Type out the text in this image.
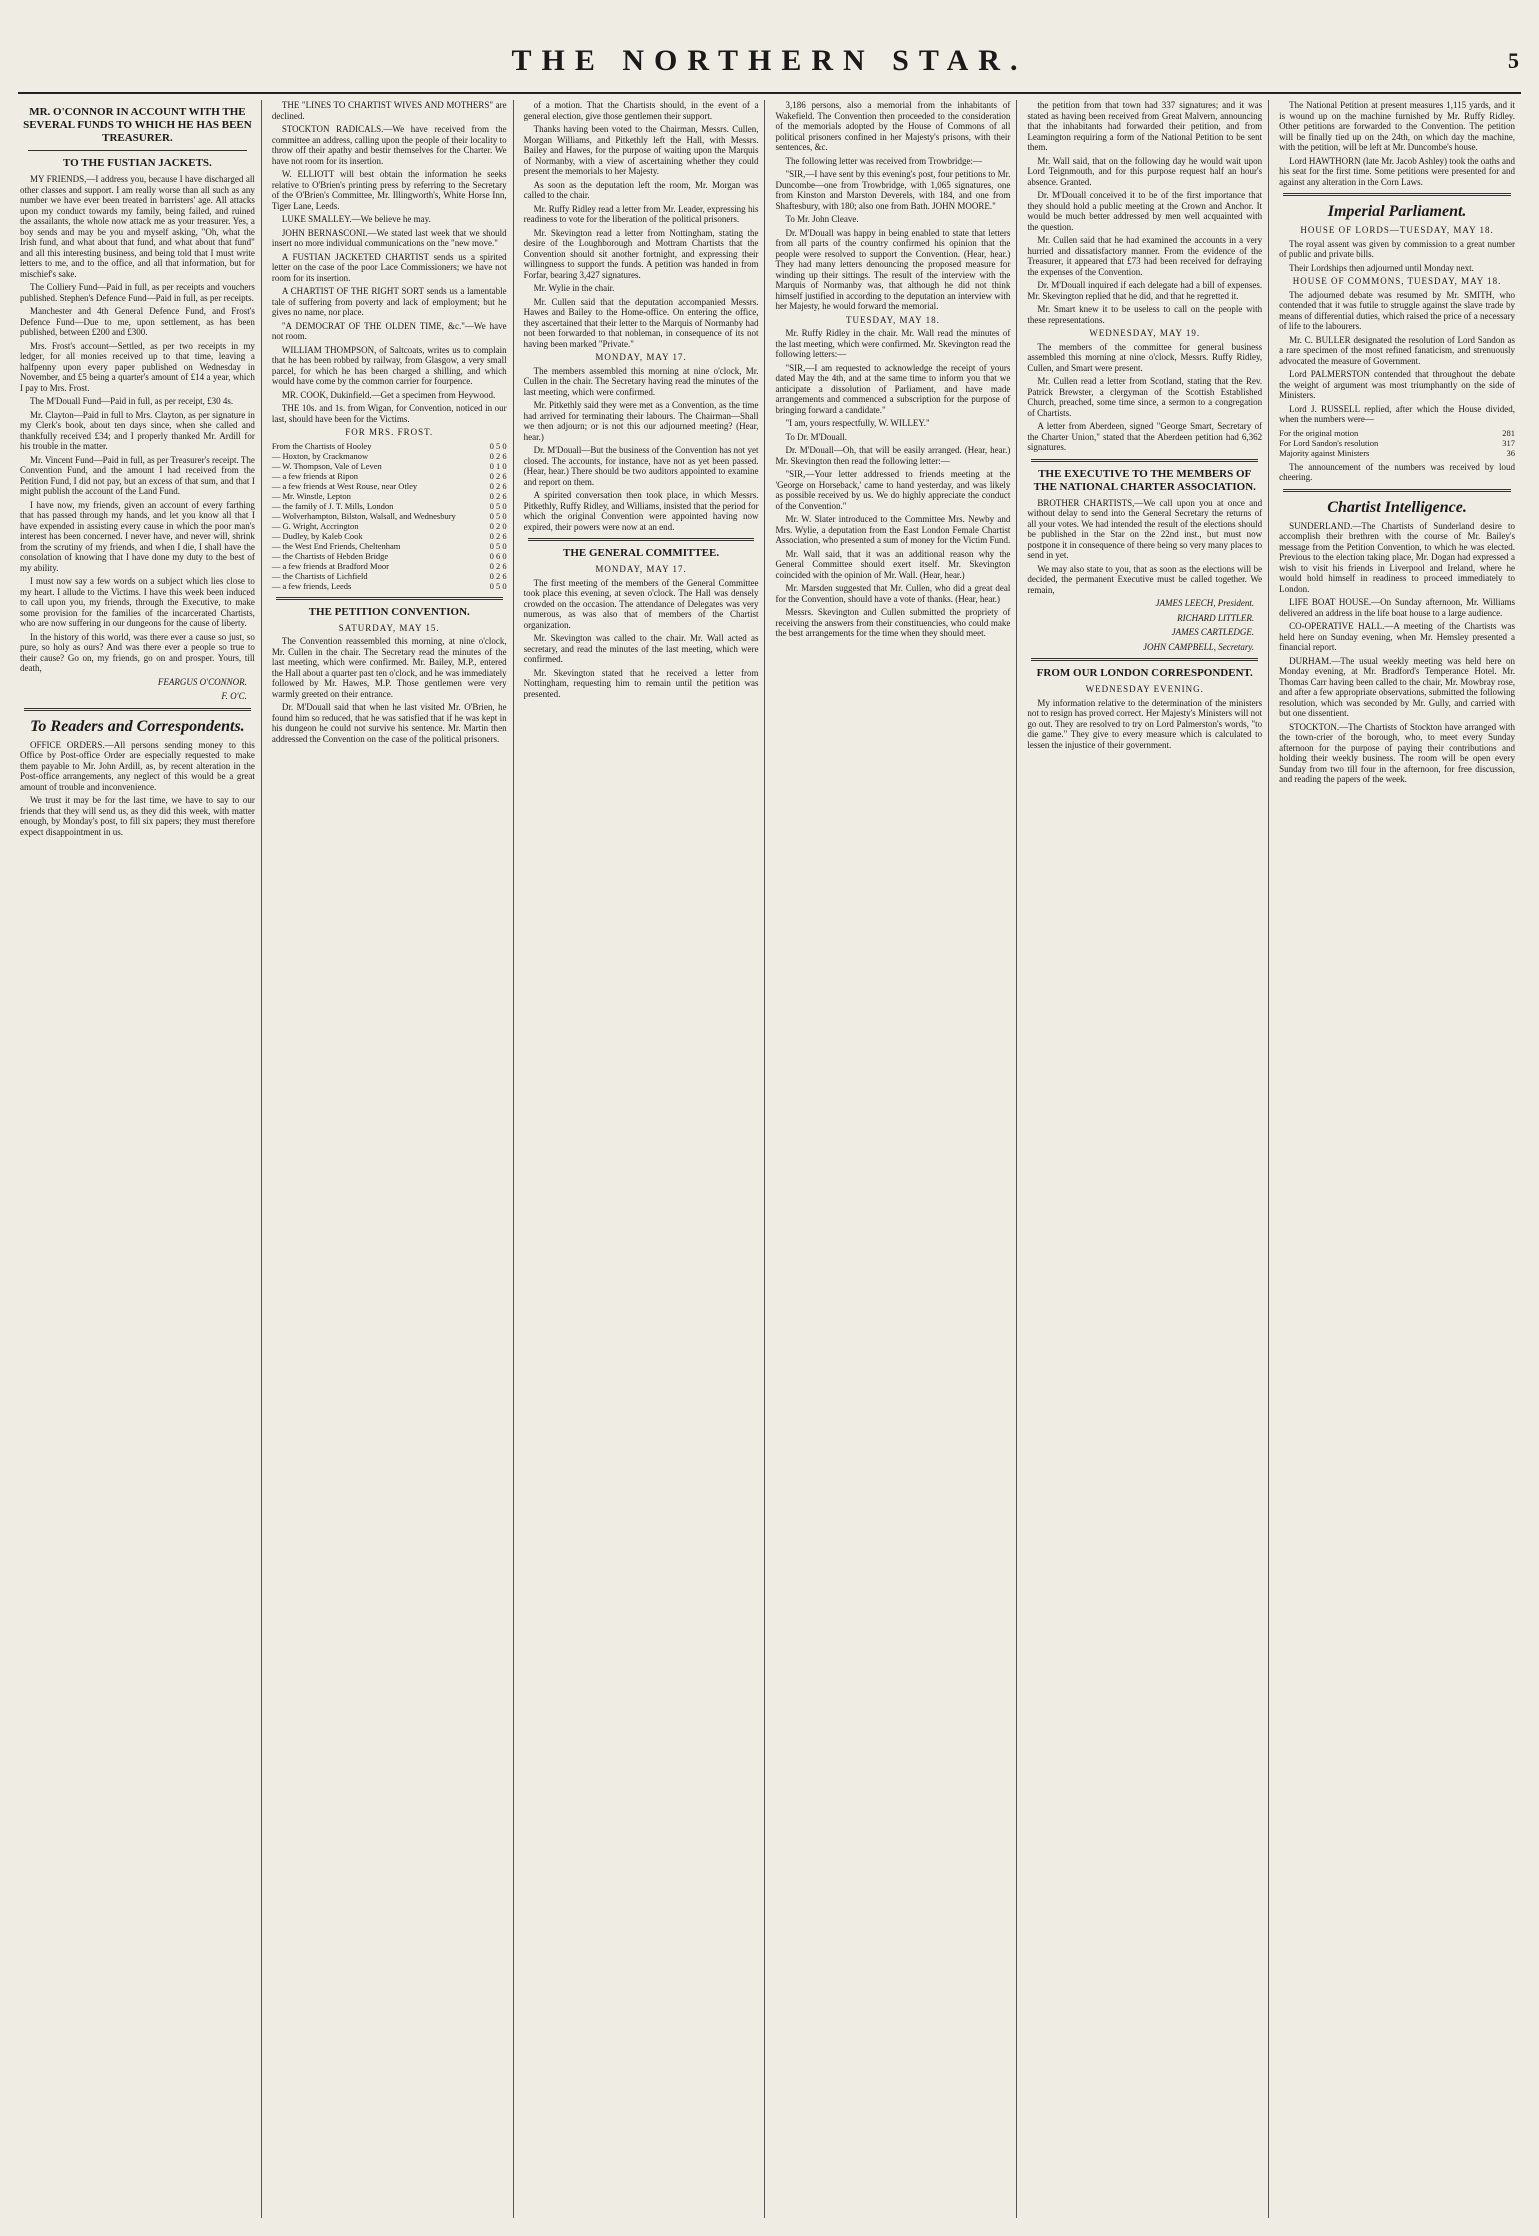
THE NORTHERN STAR.	5
MR. O'CONNOR IN ACCOUNT WITH THE SEVERAL FUNDS TO WHICH HE HAS BEEN TREASURER.
TO THE FUSTIAN JACKETS.

MY FRIENDS,—I address you, because I have discharged all other classes and support. I am really worse than all such as any number we have ever been treated in barristers' age. All attacks upon my conduct towards my family, being failed, and ruined the assailants, the whole now attack me as your treasurer. Yes, a boy sends and may be you and myself asking, "Oh, what the Irish fund, and what about that fund, and what about that fund" and all this interesting business, and being told that I must write letters to me, and to the office, and all that information, but for mischief's sake.

The Colliery Fund—Paid in full, as per receipts and vouchers published. Stephen's Defence Fund—Paid in full, as per receipts.

Manchester and 4th General Defence Fund, and Frost's Defence Fund—Due to me, upon settlement, as has been published, between £200 and £300.

Mrs. Frost's account—Settled, as per two receipts in my ledger, for all monies received up to that time, leaving a halfpenny upon every paper published on Wednesday in November, and £5 being a quarter's amount of £14 a year, which I pay to Mrs. Frost.

The M'Douall Fund—Paid in full, as per receipt, £30 4s.

Mr. Clayton—Paid in full to Mrs. Clayton, as per signature in my Clerk's book, about ten days since, when she called and thankfully received £34; and I properly thanked Mr. Ardill for his trouble in the matter.

Mr. Vincent Fund—Paid in full, as per Treasurer's receipt. The Convention Fund, and the amount I had received from the Petition Fund, I did not pay, but an excess of that sum, and that I might publish the account of the Land Fund.

I have now, my friends, given an account of every farthing that has passed through my hands, and let you know all that I have expended in assisting every cause in which the poor man's interest has been concerned. I never have, and never will, shrink from the scrutiny of my friends, and when I die, I shall have the consolation of knowing that I have done my duty to the best of my ability.

I must now say a few words on a subject which lies close to my heart. I allude to the Victims. I have this week been induced to call upon you, my friends, through the Executive, to make some provision for the families of the incarcerated Chartists, who are now suffering in our dungeons for the cause of liberty.

In the history of this world, was there ever a cause so just, so pure, so holy as ours? And was there ever a people so true to their cause? Go on, my friends, go on and prosper. Yours, till death,

FEARGUS O'CONNOR.
F. O'C.
To Readers and Correspondents.

OFFICE ORDERS.—All persons sending money to this Office by Post-office Order are especially requested to make them payable to Mr. John Ardill, as, by recent alteration in the Post-office arrangements, any neglect of this would be a great amount of trouble and inconvenience.

We trust it may be for the last time, we have to say to our friends that they will send us, as they did this week, with matter enough, by Monday's post, to fill six papers; they must therefore expect disappointment in us.

THE "LINES TO CHARTIST WIVES AND MOTHERS" are declined.

STOCKTON RADICALS.—We have received from the committee an address, calling upon the people of their locality to throw off their apathy and bestir themselves for the Charter. We have not room for its insertion.

W. ELLIOTT will best obtain the information he seeks relative to O'Brien's printing press by referring to the Secretary of the O'Brien's Committee, Mr. Illingworth's, White Horse Inn, Tiger Lane, Leeds.

LUKE SMALLEY.—We believe he may.

JOHN BERNASCONI.—We stated last week that we should insert no more individual communications on the "new move."

A FUSTIAN JACKETED CHARTIST sends us a spirited letter on the case of the poor Lace Commissioners; we have not room for its insertion.

A CHARTIST OF THE RIGHT SORT sends us a lamentable tale of suffering from poverty and lack of employment; but he gives no name, nor place.

"A DEMOCRAT OF THE OLDEN TIME, &c."—We have not room.

WILLIAM THOMPSON, of Saltcoats, writes us to complain that he has been robbed by railway, from Glasgow, a very small parcel, for which he has been charged a shilling, and which would have come by the common carrier for fourpence.

MR. COOK, Dukinfield.—Get a specimen from Heywood.

THE 10s. and 1s. from Wigan, for Convention, noticed in our last, should have been for the Victims.

FOR MRS. FROST.
From the Chartists of Hooley	0 5 0
— Hoxton, by Crackmanow	0 2 6
— W. Thompson, Vale of Leven	0 1 0
— a few friends at Ripon	0 2 6
— a few friends at West Rouse, near Otley	0 2 6
— Mr. Winstle, Lepton	0 2 6
— the family of J. T. Mills, London	0 5 0
— Wolverhampton, Bilston, Walsall, and Wednesbury	0 5 0
— G. Wright, Accrington	0 2 0
— Dudley, by Kaleb Cook	0 2 6
— the West End Friends, Cheltenham	0 5 0
— the Chartists of Hebden Bridge	0 6 0
— a few friends at Bradford Moor	0 2 6
— the Chartists of Lichfield	0 2 6
— a few friends, Leeds	0 5 0
THE PETITION CONVENTION.
SATURDAY, MAY 15.

The Convention reassembled this morning, at nine o'clock, Mr. Cullen in the chair. The Secretary read the minutes of the last meeting, which were confirmed. Mr. Bailey, M.P., entered the Hall about a quarter past ten o'clock, and he was immediately followed by Mr. Hawes, M.P. Those gentlemen were very warmly greeted on their entrance.

Dr. M'Douall said that when he last visited Mr. O'Brien, he found him so reduced, that he was satisfied that if he was kept in his dungeon he could not survive his sentence. Mr. Martin then addressed the Convention on the case of the political prisoners.

of a motion. That the Chartists should, in the event of a general election, give those gentlemen their support.

Thanks having been voted to the Chairman, Messrs. Cullen, Morgan Williams, and Pitkethly left the Hall, with Messrs. Bailey and Hawes, for the purpose of waiting upon the Marquis of Normanby, with a view of ascertaining whether they could present the memorials to her Majesty.

As soon as the deputation left the room, Mr. Morgan was called to the chair.

Mr. Ruffy Ridley read a letter from Mr. Leader, expressing his readiness to vote for the liberation of the political prisoners.

Mr. Skevington read a letter from Nottingham, stating the desire of the Loughborough and Mottram Chartists that the Convention should sit another fortnight, and expressing their willingness to support the funds. A petition was handed in from Forfar, bearing 3,427 signatures.

Mr. Wylie in the chair.

Mr. Cullen said that the deputation accompanied Messrs. Hawes and Bailey to the Home-office. On entering the office, they ascertained that their letter to the Marquis of Normanby had not been forwarded to that nobleman, in consequence of its not having been marked "Private."

MONDAY, MAY 17.

The members assembled this morning at nine o'clock, Mr. Cullen in the chair. The Secretary having read the minutes of the last meeting, which were confirmed.

Mr. Pitkethly said they were met as a Convention, as the time had arrived for terminating their labours. The Chairman—Shall we then adjourn; or is not this our adjourned meeting? (Hear, hear.)

Dr. M'Douall—But the business of the Convention has not yet closed. The accounts, for instance, have not as yet been passed. (Hear, hear.) There should be two auditors appointed to examine and report on them.

A spirited conversation then took place, in which Messrs. Pitkethly, Ruffy Ridley, and Williams, insisted that the period for which the original Convention were appointed having now expired, their powers were now at an end.

THE GENERAL COMMITTEE.
MONDAY, MAY 17.

The first meeting of the members of the General Committee took place this evening, at seven o'clock. The Hall was densely crowded on the occasion. The attendance of Delegates was very numerous, as was also that of members of the Chartist organization.

Mr. Skevington was called to the chair. Mr. Wall acted as secretary, and read the minutes of the last meeting, which were confirmed.

Mr. Skevington stated that he received a letter from Nottingham, requesting him to remain until the petition was presented.

3,186 persons, also a memorial from the inhabitants of Wakefield. The Convention then proceeded to the consideration of the memorials adopted by the House of Commons of all political prisoners confined in her Majesty's prisons, with their sentences, &c.

The following letter was received from Trowbridge:—

"SIR,—I have sent by this evening's post, four petitions to Mr. Duncombe—one from Trowbridge, with 1,065 signatures, one from Kinston and Marston Deverels, with 184, and one from Shaftesbury, with 180; also one from Bath. JOHN MOORE."

To Mr. John Cleave.

Dr. M'Douall was happy in being enabled to state that letters from all parts of the country confirmed his opinion that the people were resolved to support the Convention. (Hear, hear.) They had many letters denouncing the proposed measure for winding up their sittings. The result of the interview with the Marquis of Normanby was, that although he did not think himself justified in according to the deputation an interview with her Majesty, he would forward the memorial.

TUESDAY, MAY 18.

Mr. Ruffy Ridley in the chair. Mr. Wall read the minutes of the last meeting, which were confirmed. Mr. Skevington read the following letters:—

"SIR,—I am requested to acknowledge the receipt of yours dated May the 4th, and at the same time to inform you that we anticipate a dissolution of Parliament, and have made arrangements and commenced a subscription for the purpose of bringing forward a candidate."

"I am, yours respectfully, W. WILLEY."

To Dr. M'Douall.

Dr. M'Douall—Oh, that will be easily arranged. (Hear, hear.) Mr. Skevington then read the following letter:—

"SIR,—Your letter addressed to friends meeting at the 'George on Horseback,' came to hand yesterday, and was likely as possible received by us. We do highly appreciate the conduct of the Convention."

Mr. W. Slater introduced to the Committee Mrs. Newby and Mrs. Wylie, a deputation from the East London Female Chartist Association, who presented a sum of money for the Victim Fund.

Mr. Wall said, that it was an additional reason why the General Committee should exert itself. Mr. Skevington coincided with the opinion of Mr. Wall. (Hear, hear.)

Mr. Marsden suggested that Mr. Cullen, who did a great deal for the Convention, should have a vote of thanks. (Hear, hear.)

Messrs. Skevington and Cullen submitted the propriety of receiving the answers from their constituencies, who could make the best arrangements for the time when they should meet.

the petition from that town had 337 signatures; and it was stated as having been received from Great Malvern, announcing that the inhabitants had forwarded their petition, and from Leamington requiring a form of the National Petition to be sent them.

Mr. Wall said, that on the following day he would wait upon Lord Teignmouth, and for this purpose request half an hour's absence. Granted.

Dr. M'Douall conceived it to be of the first importance that they should hold a public meeting at the Crown and Anchor. It would be much better addressed by men well acquainted with the question.

Mr. Cullen said that he had examined the accounts in a very hurried and dissatisfactory manner. From the evidence of the Treasurer, it appeared that £73 had been received for defraying the expenses of the Convention.

Dr. M'Douall inquired if each delegate had a bill of expenses. Mr. Skevington replied that he did, and that he regretted it.

Mr. Smart knew it to be useless to call on the people with these representations.

WEDNESDAY, MAY 19.

The members of the committee for general business assembled this morning at nine o'clock, Messrs. Ruffy Ridley, Cullen, and Smart were present.

Mr. Cullen read a letter from Scotland, stating that the Rev. Patrick Brewster, a clergyman of the Scottish Established Church, preached, some time since, a sermon to a congregation of Chartists.

A letter from Aberdeen, signed "George Smart, Secretary of the Charter Union," stated that the Aberdeen petition had 6,362 signatures.

THE EXECUTIVE TO THE MEMBERS OF THE NATIONAL CHARTER ASSOCIATION.

BROTHER CHARTISTS,—We call upon you at once and without delay to send into the General Secretary the returns of all your votes. We had intended the result of the elections should be published in the Star on the 22nd inst., but must now postpone it in consequence of there being so very many places to send in yet.

We may also state to you, that as soon as the elections will be decided, the permanent Executive must be called together. We remain,

JAMES LEECH, President.
RICHARD LITTLER.
JAMES CARTLEDGE.
JOHN CAMPBELL, Secretary.
FROM OUR LONDON CORRESPONDENT.
WEDNESDAY EVENING.

My information relative to the determination of the ministers not to resign has proved correct. Her Majesty's Ministers will not go out. They are resolved to try on Lord Palmerston's words, "to die game." They give to every measure which is calculated to lessen the injustice of their government.

The National Petition at present measures 1,115 yards, and it is wound up on the machine furnished by Mr. Ruffy Ridley. Other petitions are forwarded to the Convention. The petition will be finally tied up on the 24th, on which day the machine, with the petition, will be left at Mr. Duncombe's house.

Lord HAWTHORN (late Mr. Jacob Ashley) took the oaths and his seat for the first time. Some petitions were presented for and against any alteration in the Corn Laws.

Imperial Parliament.
HOUSE OF LORDS—TUESDAY, MAY 18.

The royal assent was given by commission to a great number of public and private bills.

Their Lordships then adjourned until Monday next.

HOUSE OF COMMONS, TUESDAY, MAY 18.

The adjourned debate was resumed by Mr. SMITH, who contended that it was futile to struggle against the slave trade by means of differential duties, which raised the price of a necessary of life to the labourers.

Mr. C. BULLER designated the resolution of Lord Sandon as a rare specimen of the most refined fanaticism, and strenuously advocated the measure of Government.

Lord PALMERSTON contended that throughout the debate the weight of argument was most triumphantly on the side of Ministers.

Lord J. RUSSELL replied, after which the House divided, when the numbers were—

For the original motion	281
For Lord Sandon's resolution	317
Majority against Ministers	36

The announcement of the numbers was received by loud cheering.

Chartist Intelligence.

SUNDERLAND.—The Chartists of Sunderland desire to accomplish their brethren with the course of Mr. Bailey's message from the Petition Convention, to which he was elected. Previous to the election taking place, Mr. Dogan had expressed a wish to visit his friends in Liverpool and Ireland, where he would hold himself in readiness to proceed immediately to London.

LIFE BOAT HOUSE.—On Sunday afternoon, Mr. Williams delivered an address in the life boat house to a large audience.

CO-OPERATIVE HALL.—A meeting of the Chartists was held here on Sunday evening, when Mr. Hemsley presented a financial report.

DURHAM.—The usual weekly meeting was held here on Monday evening, at Mr. Bradford's Temperance Hotel. Mr. Thomas Carr having been called to the chair, Mr. Mowbray rose, and after a few appropriate observations, submitted the following resolution, which was seconded by Mr. Gully, and carried with but one dissentient.

STOCKTON.—The Chartists of Stockton have arranged with the town-crier of the borough, who, to meet every Sunday afternoon for the purpose of paying their contributions and holding their weekly business. The room will be open every Sunday from two till four in the afternoon, for free discussion, and reading the papers of the week.
